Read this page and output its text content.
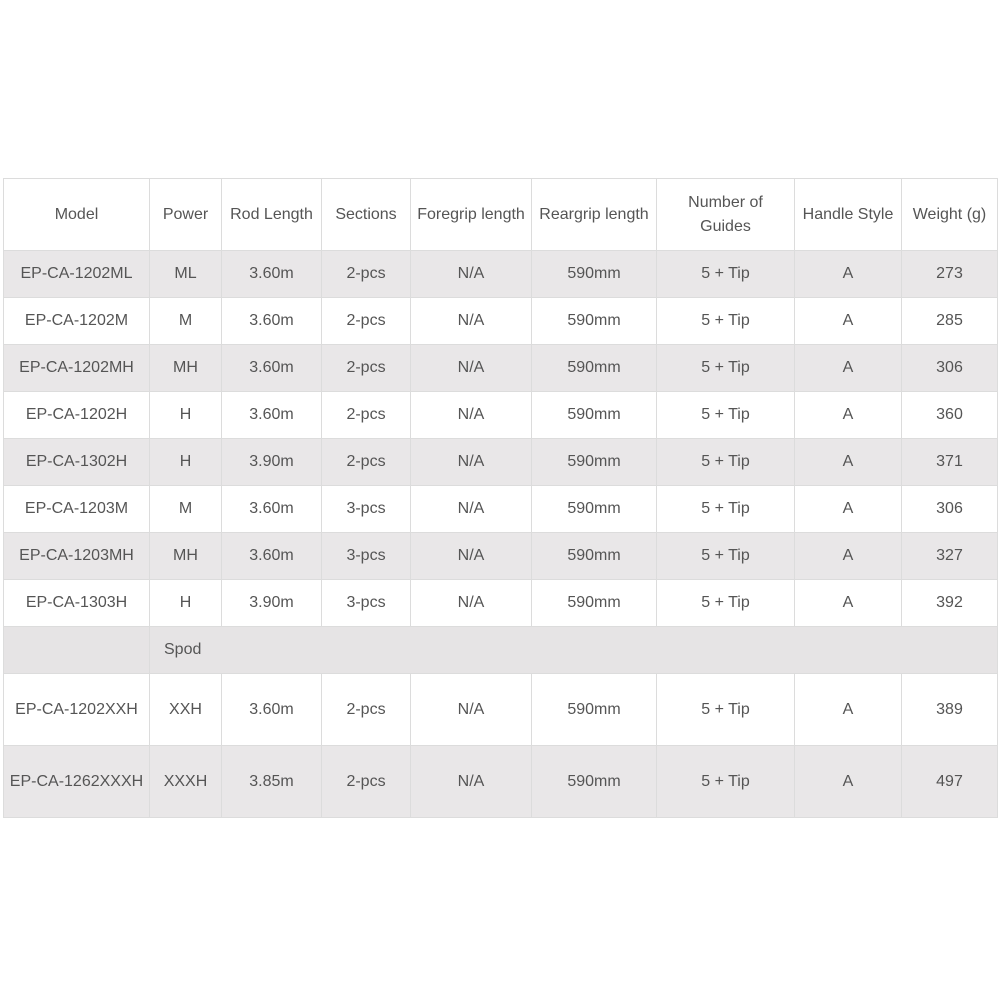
Model	Power	Rod Length	Sections	Foregrip length	Reargrip length	Number of Guides	Handle Style	Weight (g)
EP-CA-1202ML	ML	3.60m	2-pcs	N/A	590mm	5 + Tip	A	273
EP-CA-1202M	M	3.60m	2-pcs	N/A	590mm	5 + Tip	A	285
EP-CA-1202MH	MH	3.60m	2-pcs	N/A	590mm	5 + Tip	A	306
EP-CA-1202H	H	3.60m	2-pcs	N/A	590mm	5 + Tip	A	360
EP-CA-1302H	H	3.90m	2-pcs	N/A	590mm	5 + Tip	A	371
EP-CA-1203M	M	3.60m	3-pcs	N/A	590mm	5 + Tip	A	306
EP-CA-1203MH	MH	3.60m	3-pcs	N/A	590mm	5 + Tip	A	327
EP-CA-1303H	H	3.90m	3-pcs	N/A	590mm	5 + Tip	A	392
	Spod							
EP-CA-1202XXH	XXH	3.60m	2-pcs	N/A	590mm	5 + Tip	A	389
EP-CA-1262XXXH	XXXH	3.85m	2-pcs	N/A	590mm	5 + Tip	A	497
